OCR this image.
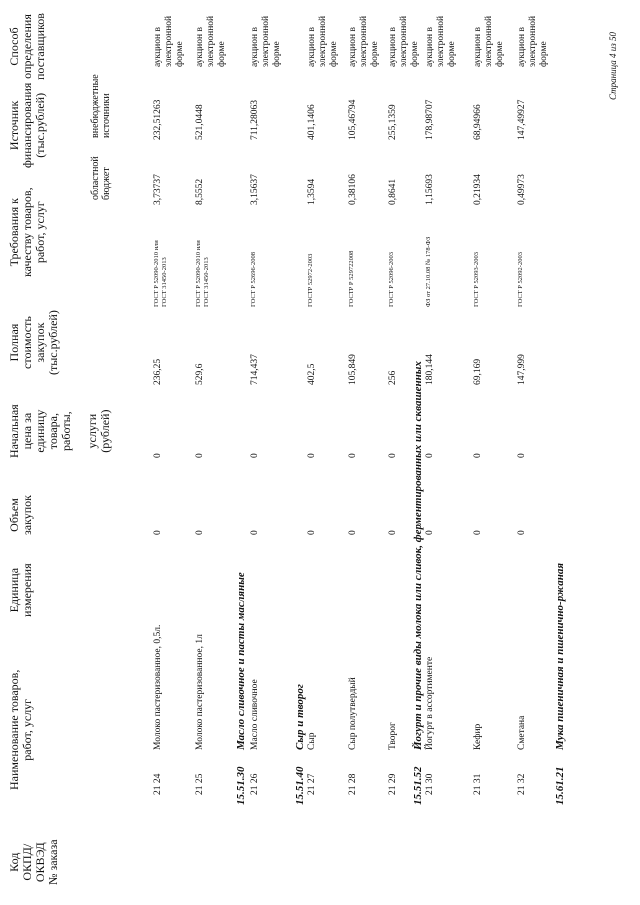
Код
ОКПД/
ОКВЭД
№ заказа
Наименование товаров,
работ, услуг
Единица
измерения
Объем
закупок
Начальная
цена за
единицу
товара,
работы,

услуги
(рублей)
Полная
стоимость
закупок
(тыс.рублей)
Требования к
качеству товаров,
работ, услуг
Источник
финансирования
(тыс.рублей)
областной
бюджет
внебюджетные
источники
Способ
определения
поставщиков
15.51.30
Масло сливочное и пасты масляные
15.51.40
Сыр и творог
15.51.52
Йогурт и прочие виды молока или сливок, ферментированных или сквашенных
15.61.21
Мука пшеничная и пшенично-ржаная
21 24
Молоко пастеризованное, 0,5л.
0
0
236,25
ГОСТ Р 52090-2010 или
ГОСТ 31450-2013
3,73737
232,51263
аукцион в
электронной
форме
21 25
Молоко пастеризованное, 1л
0
0
529,6
ГОСТ Р 52090-2010 или
ГОСТ 31450-2013
8,5552
521,0448
аукцион в
электронной
форме
21 26
Масло сливочное
0
0
714,437
ГОСТ Р 52696-2008
3,15637
711,28063
аукцион в
электронной
форме
21 27
Сыр
0
0
402,5
ГОСТР 52972-2003
1,3594
401,1406
аукцион в
электронной
форме
21 28
Сыр полутвердый
0
0
105,849
ГОСТР Р 529722008
0,38106
105,46794
аукцион в
электронной
форме
21 29
Творог
0
0
256
ГОСТ Р 52096-2003
0,8641
255,1359
аукцион в
электронной
форме
21 30
Йогурт в ассортименте
0
0
180,144
ФЗ от 27.10.08 № 178-ФЗ
1,15693
178,98707
аукцион в
электронной
форме
21 31
Кефир
0
0
69,169
ГОСТ Р 52093-2003
0,21934
68,94966
аукцион в
электронной
форме
21 32
Сметана
0
0
147,999
ГОСТ Р 52092-2003
0,49973
147,49927
аукцион в
электронной
форме	Страница 4 из 50
